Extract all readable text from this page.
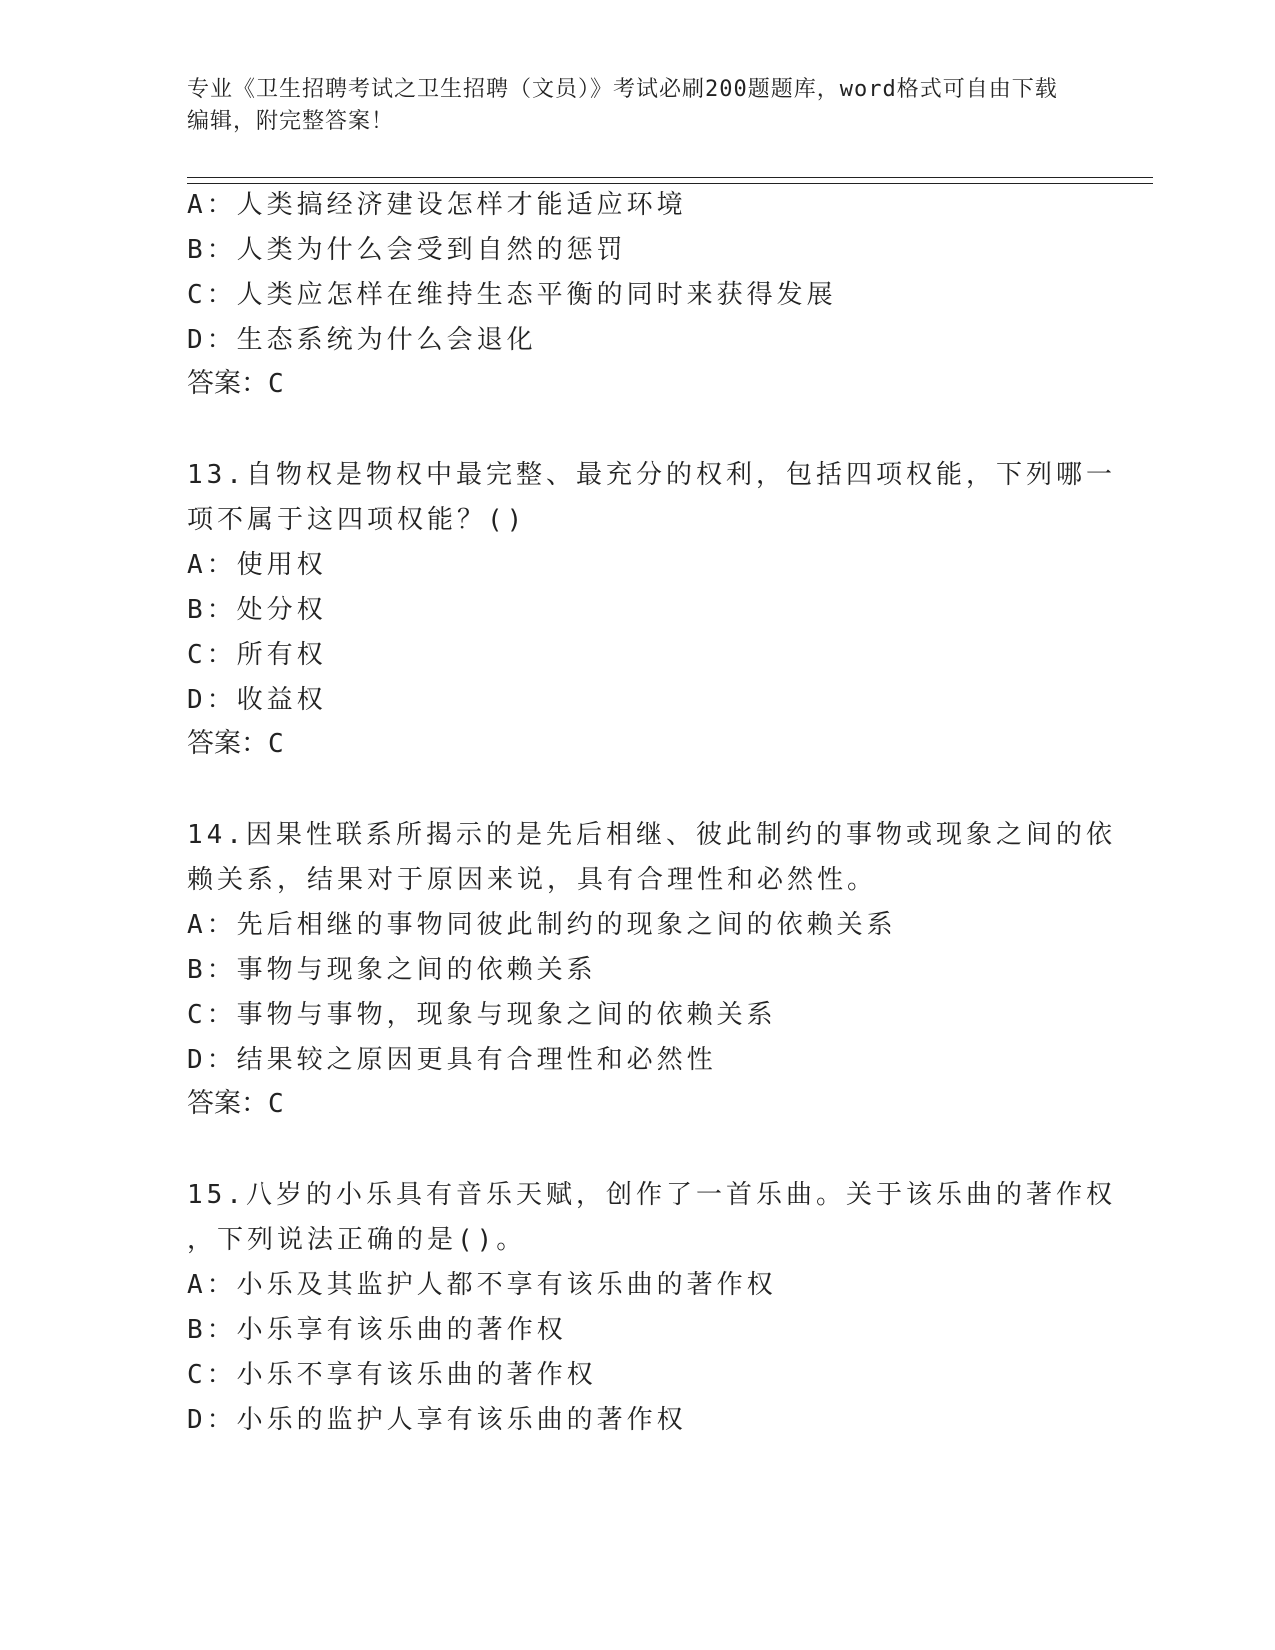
专业《卫生招聘考试之卫生招聘（文员）》考试必刷200题题库，word格式可自由下载编辑，附完整答案！
A：人类搞经济建设怎样才能适应环境
B：人类为什么会受到自然的惩罚
C：人类应怎样在维持生态平衡的同时来获得发展
D：生态系统为什么会退化
答案：C
13.自物权是物权中最完整、最充分的权利，包括四项权能，下列哪一
项不属于这四项权能？()
A：使用权
B：处分权
C：所有权
D：收益权
答案：C
14.因果性联系所揭示的是先后相继、彼此制约的事物或现象之间的依
赖关系，结果对于原因来说，具有合理性和必然性。
A：先后相继的事物同彼此制约的现象之间的依赖关系
B：事物与现象之间的依赖关系
C：事物与事物，现象与现象之间的依赖关系
D：结果较之原因更具有合理性和必然性
答案：C
15.八岁的小乐具有音乐天赋，创作了一首乐曲。关于该乐曲的著作权
，下列说法正确的是()。
A：小乐及其监护人都不享有该乐曲的著作权
B：小乐享有该乐曲的著作权
C：小乐不享有该乐曲的著作权
D：小乐的监护人享有该乐曲的著作权
